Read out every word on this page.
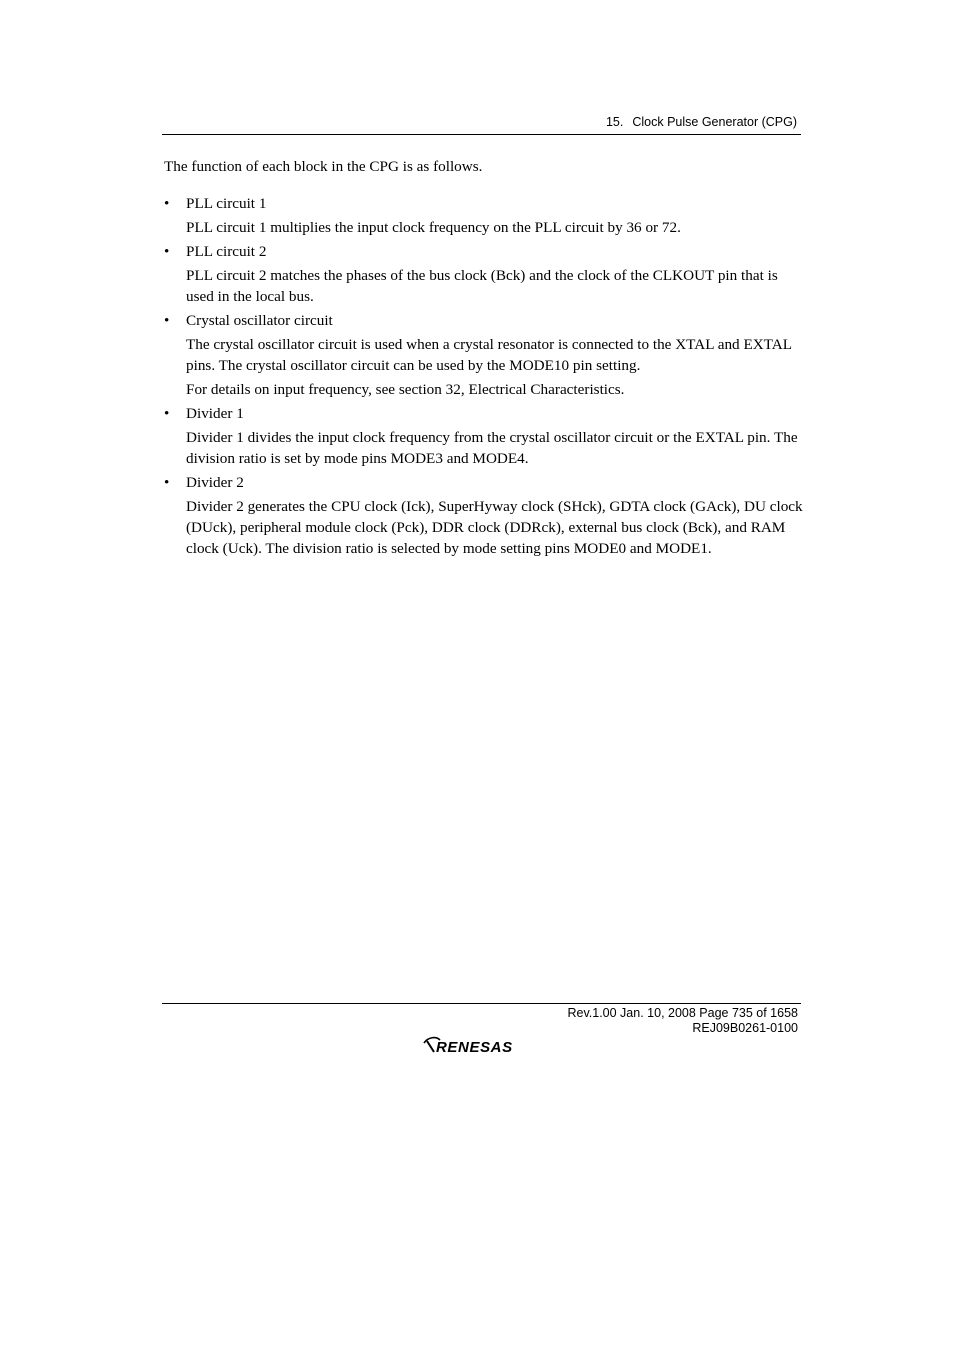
15. Clock Pulse Generator (CPG)

The function of each block in the CPG is as follows.

•	PLL circuit 1

PLL circuit 1 multiplies the input clock frequency on the PLL circuit by 36 or 72.

•	PLL circuit 2

PLL circuit 2 matches the phases of the bus clock (Bck) and the clock of the CLKOUT pin that is used in the local bus.

•	Crystal oscillator circuit

The crystal oscillator circuit is used when a crystal resonator is connected to the XTAL and EXTAL pins. The crystal oscillator circuit can be used by the MODE10 pin setting.

For details on input frequency, see section 32, Electrical Characteristics.

•	Divider 1

Divider 1 divides the input clock frequency from the crystal oscillator circuit or the EXTAL pin. The division ratio is set by mode pins MODE3 and MODE4.

•	Divider 2

Divider 2 generates the CPU clock (Ick), SuperHyway clock (SHck), GDTA clock (GAck), DU clock (DUck), peripheral module clock (Pck), DDR clock (DDRck), external bus clock (Bck), and RAM clock (Uck). The division ratio is selected by mode setting pins MODE0 and MODE1.

Rev.1.00 Jan. 10, 2008 Page 735 of 1658
REJ09B0261-0100
RENESAS
